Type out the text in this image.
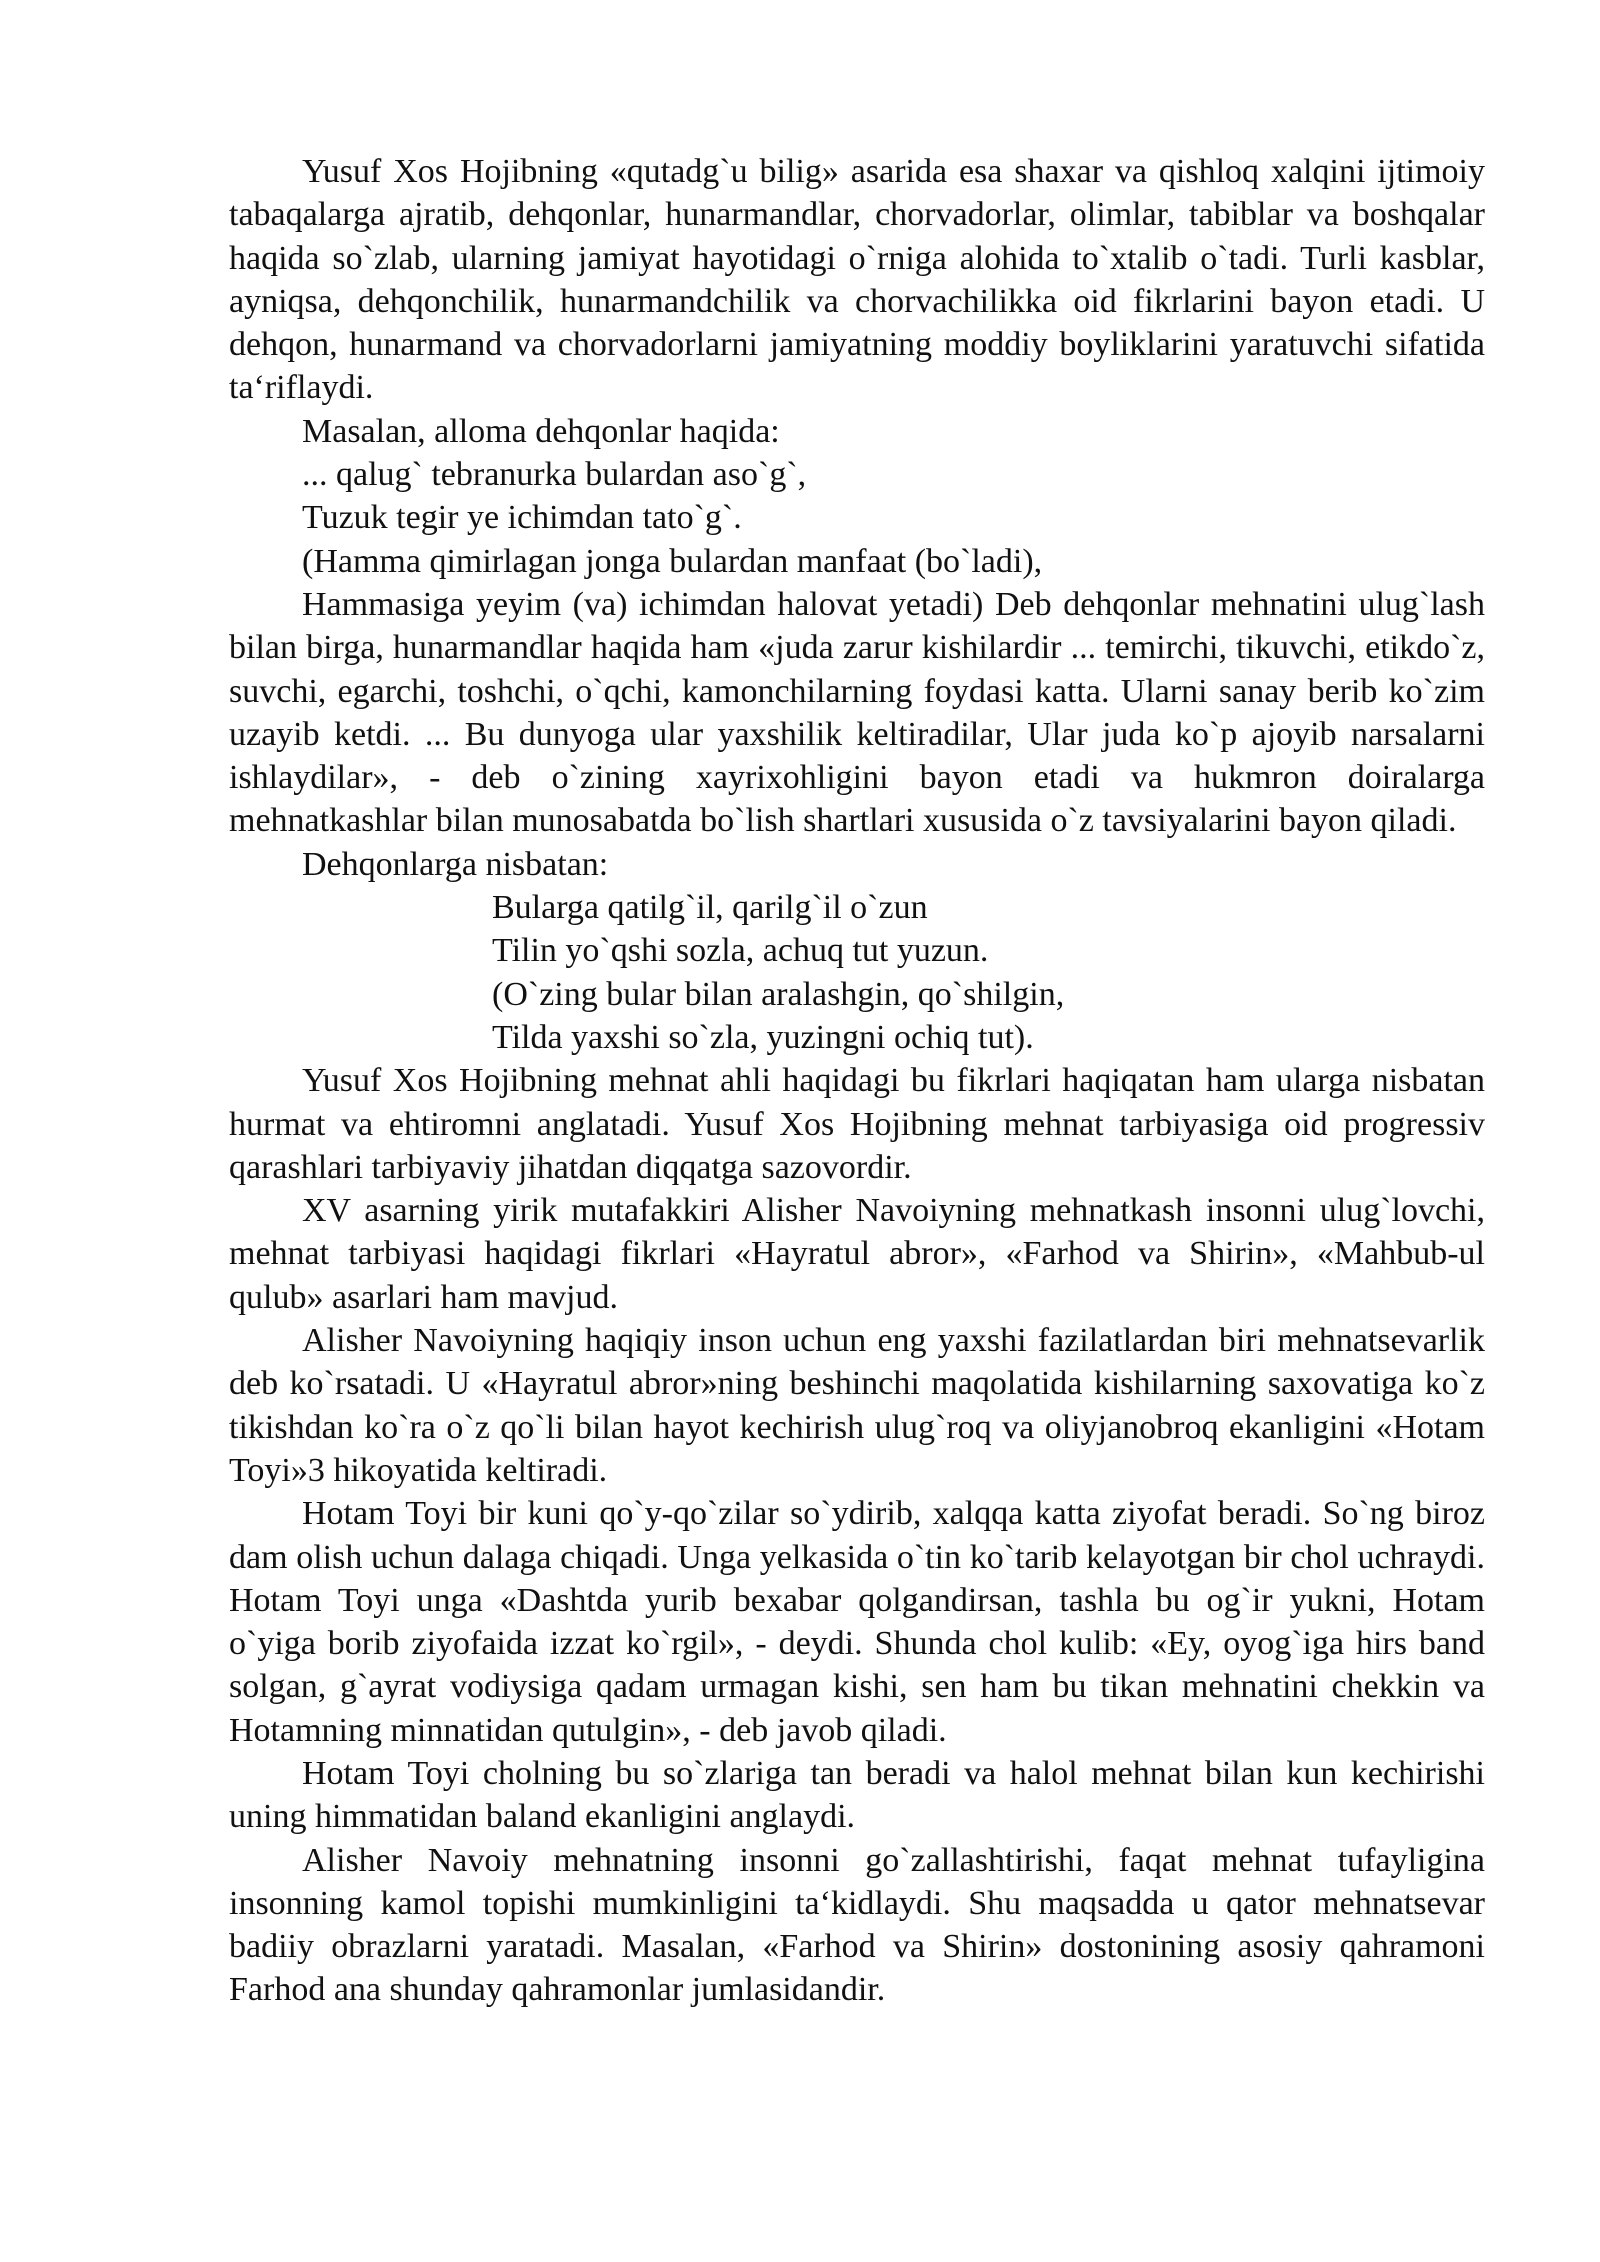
Yusuf Xos Hojibning «qutadg`u bilig» asarida esa shaxar va qishloq xalqini ijtimoiy tabaqalarga ajratib, dehqonlar, hunarmandlar, chorvadorlar, olimlar, tabiblar va boshqalar haqida so`zlab, ularning jamiyat hayotidagi o`rniga alohida to`xtalib o`tadi. Turli kasblar, ayniqsa, dehqonchilik, hunarmandchilik va chorvachilikka oid fikrlarini bayon etadi. U dehqon, hunarmand va chorvadorlarni jamiyatning moddiy boyliklarini yaratuvchi sifatida ta‘riflaydi.

Masalan, alloma dehqonlar haqida:

... qalug` tebranurka bulardan aso`g`,

Tuzuk tegir ye ichimdan tato`g`.

(Hamma qimirlagan jonga bulardan manfaat (bo`ladi),

Hammasiga yeyim (va) ichimdan halovat yetadi) Deb dehqonlar mehnatini ulug`lash bilan birga, hunarmandlar haqida ham «juda zarur kishilardir ... temirchi, tikuvchi, etikdo`z, suvchi, egarchi, toshchi, o`qchi, kamonchilarning foydasi katta. Ularni sanay berib ko`zim uzayib ketdi. ... Bu dunyoga ular yaxshilik keltiradilar, Ular juda ko`p ajoyib narsalarni ishlaydilar», - deb o`zining xayrixohligini bayon etadi va hukmron doiralarga mehnatkashlar bilan munosabatda bo`lish shartlari xususida o`z tavsiyalarini bayon qiladi.

Dehqonlarga nisbatan:

Bularga qatilg`il, qarilg`il o`zun

Tilin yo`qshi sozla, achuq tut yuzun.

(O`zing bular bilan aralashgin, qo`shilgin,

Tilda yaxshi so`zla, yuzingni ochiq tut).

Yusuf Xos Hojibning mehnat ahli haqidagi bu fikrlari haqiqatan ham ularga nisbatan hurmat va ehtiromni anglatadi. Yusuf Xos Hojibning mehnat tarbiyasiga oid progressiv qarashlari tarbiyaviy jihatdan diqqatga sazovordir.

XV asarning yirik mutafakkiri Alisher Navoiyning mehnatkash insonni ulug`lovchi, mehnat tarbiyasi haqidagi fikrlari «Hayratul abror», «Farhod va Shirin», «Mahbub-ul qulub» asarlari ham mavjud.

Alisher Navoiyning haqiqiy inson uchun eng yaxshi fazilatlardan biri mehnatsevarlik deb ko`rsatadi. U «Hayratul abror»ning beshinchi maqolatida kishilarning saxovatiga ko`z tikishdan ko`ra o`z qo`li bilan hayot kechirish ulug`roq va oliyjanobroq ekanligini «Hotam Toyi»3 hikoyatida keltiradi.

Hotam Toyi bir kuni qo`y-qo`zilar so`ydirib, xalqqa katta ziyofat beradi. So`ng biroz dam olish uchun dalaga chiqadi. Unga yelkasida o`tin ko`tarib kelayotgan bir chol uchraydi. Hotam Toyi unga «Dashtda yurib bexabar qolgandirsan, tashla bu og`ir yukni, Hotam o`yiga borib ziyofaida izzat ko`rgil», - deydi. Shunda chol kulib: «Ey, oyog`iga hirs band solgan, g`ayrat vodiysiga qadam urmagan kishi, sen ham bu tikan mehnatini chekkin va Hotamning minnatidan qutulgin», - deb javob qiladi.

Hotam Toyi cholning bu so`zlariga tan beradi va halol mehnat bilan kun kechirishi uning himmatidan baland ekanligini anglaydi.

Alisher Navoiy mehnatning insonni go`zallashtirishi, faqat mehnat tufayligina insonning kamol topishi mumkinligini ta‘kidlaydi. Shu maqsadda u qator mehnatsevar badiiy obrazlarni yaratadi. Masalan, «Farhod va Shirin» dostonining asosiy qahramoni Farhod ana shunday qahramonlar jumlasidandir.
